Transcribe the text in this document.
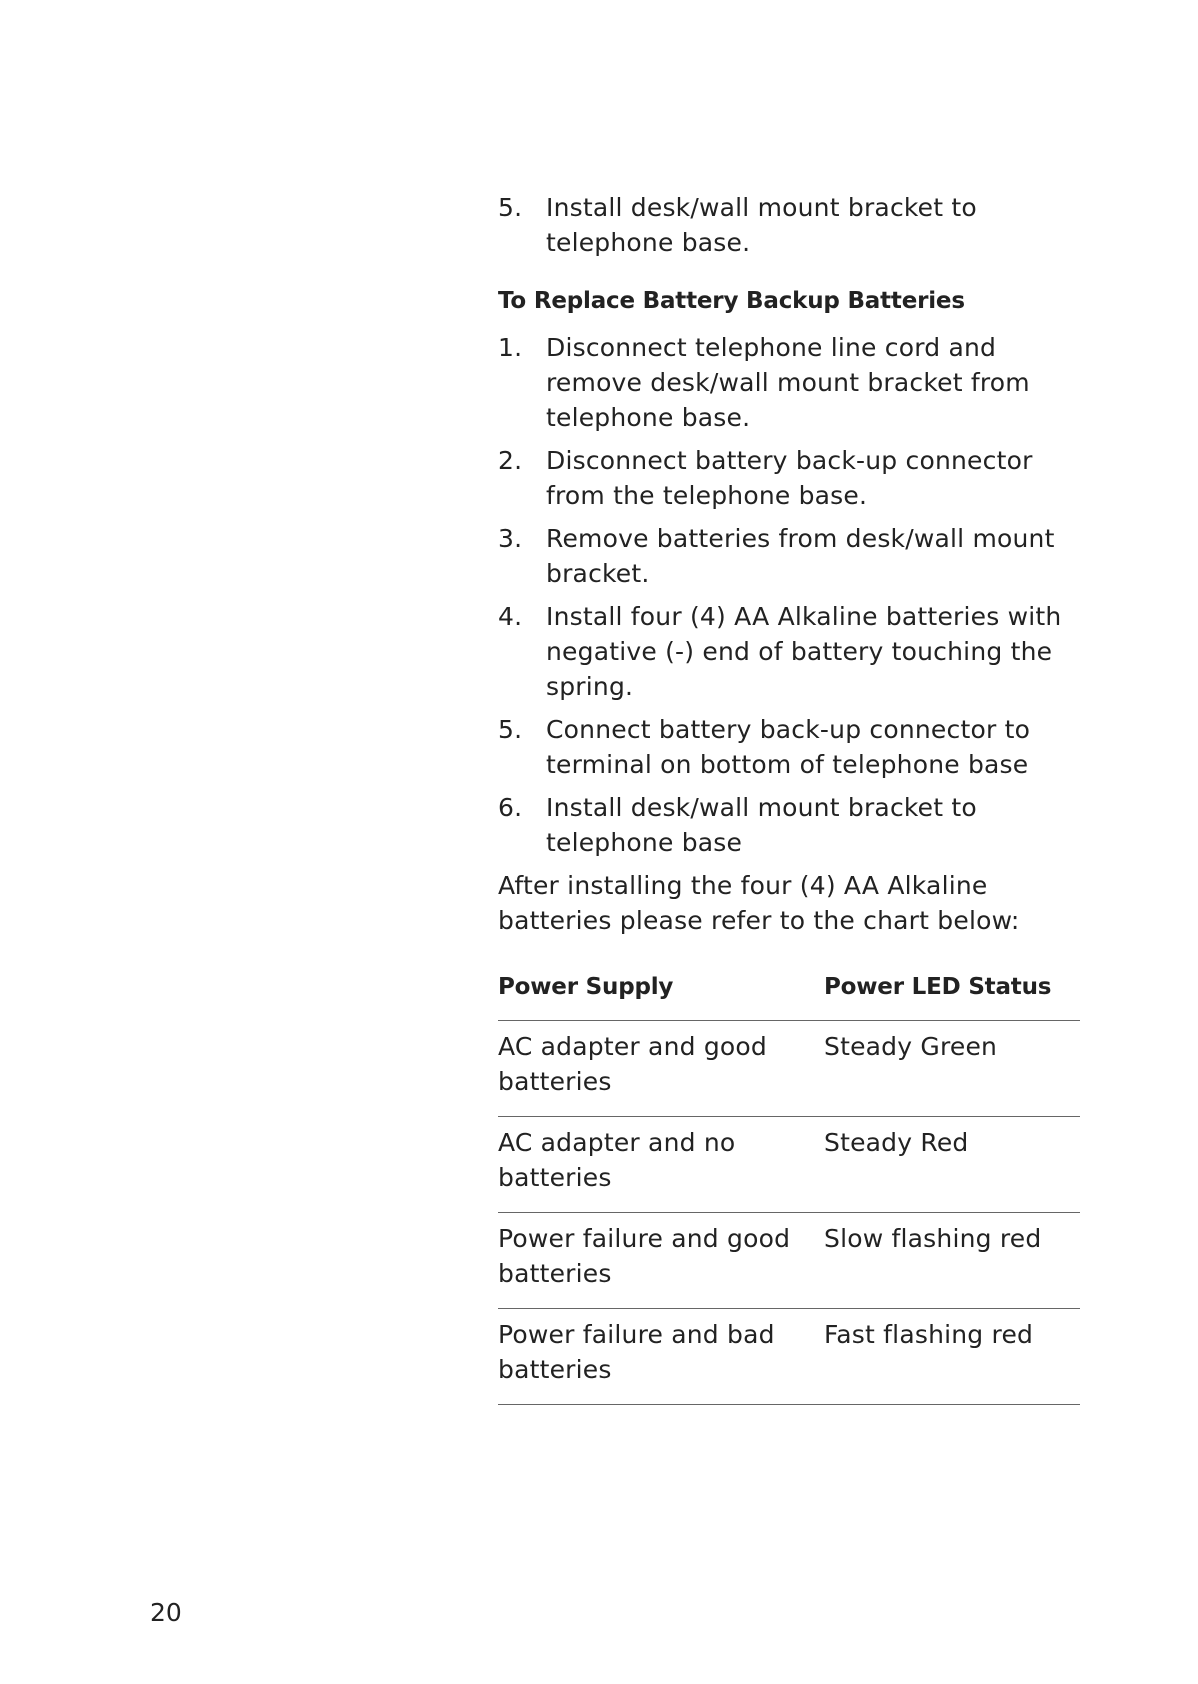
5. Install desk/wall mount bracket to telephone base.
To Replace Battery Backup Batteries
1. Disconnect telephone line cord and remove desk/wall mount bracket from telephone base.
2. Disconnect battery back-up connector from the telephone base.
3. Remove batteries from desk/wall mount bracket.
4. Install four (4) AA Alkaline batteries with negative (-) end of battery touching the spring.
5. Connect battery back-up connector to terminal on bottom of telephone base
6. Install desk/wall mount bracket to telephone base
After installing the four (4) AA Alkaline batteries please refer to the chart below:
Power Supply	Power LED Status
AC adapter and good batteries
Steady Green
AC adapter and no batteries
Steady Red
Power failure and good batteries
Slow flashing red
Power failure and bad batteries
Fast flashing red
20
